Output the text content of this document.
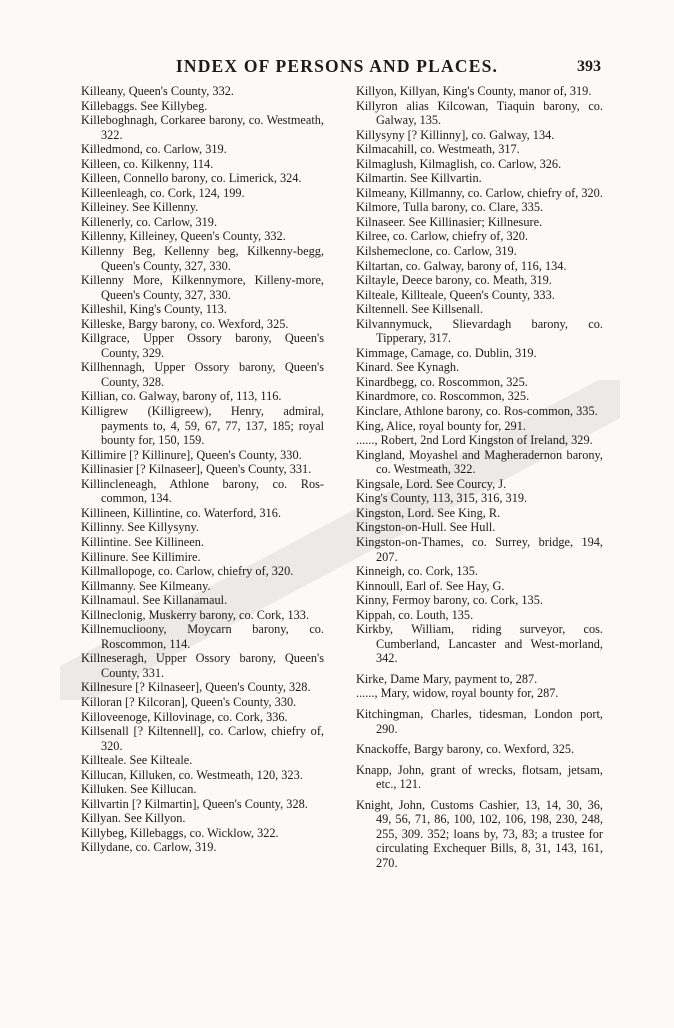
INDEX OF PERSONS AND PLACES.	393
Killeany, Queen's County, 332.
Killebaggs. See Killybeg.
Killeboghnagh, Corkaree barony, co. Westmeath, 322.
Killedmond, co. Carlow, 319.
Killeen, co. Kilkenny, 114.
Killeen, Connello barony, co. Limerick, 324.
Killeenleagh, co. Cork, 124, 199.
Killeiney. See Killenny.
Killenerly, co. Carlow, 319.
Killenny, Killeiney, Queen's County, 332.
Killenny Beg, Kellenny beg, Kilkenny-begg, Queen's County, 327, 330.
Killenny More, Kilkennymore, Killeny-more, Queen's County, 327, 330.
Killeshil, King's County, 113.
Killeske, Bargy barony, co. Wexford, 325.
Killgrace, Upper Ossory barony, Queen's County, 329.
Killhennagh, Upper Ossory barony, Queen's County, 328.
Killian, co. Galway, barony of, 113, 116.
Killigrew (Killigreew), Henry, admiral, payments to, 4, 59, 67, 77, 137, 185; royal bounty for, 150, 159.
Killimire [? Killinure], Queen's County, 330.
Killinasier [? Kilnaseer], Queen's County, 331.
Killincleneagh, Athlone barony, co. Ros-common, 134.
Killineen, Killintine, co. Waterford, 316.
Killinny. See Killysyny.
Killintine. See Killineen.
Killinure. See Killimire.
Killmallopoge, co. Carlow, chiefry of, 320.
Killmanny. See Kilmeany.
Killnamaul. See Killanamaul.
Killneclonig, Muskerry barony, co. Cork, 133.
Killnemuclioony, Moycarn barony, co. Roscommon, 114.
Killneseragh, Upper Ossory barony, Queen's County, 331.
Killnesure [? Kilnaseer], Queen's County, 328.
Killoran [? Kilcoran], Queen's County, 330.
Killoveenoge, Killovinage, co. Cork, 336.
Killsenall [? Kiltennell], co. Carlow, chiefry of, 320.
Killteale. See Kilteale.
Killucan, Killuken, co. Westmeath, 120, 323.
Killuken. See Killucan.
Killvartin [? Kilmartin], Queen's County, 328.
Killyan. See Killyon.
Killybeg, Killebaggs, co. Wicklow, 322.
Killydane, co. Carlow, 319.
Killyon, Killyan, King's County, manor of, 319.
Killyron alias Kilcowan, Tiaquin barony, co. Galway, 135.
Killysyny [? Killinny], co. Galway, 134.
Kilmacahill, co. Westmeath, 317.
Kilmaglush, Kilmaglish, co. Carlow, 326.
Kilmartin. See Killvartin.
Kilmeany, Killmanny, co. Carlow, chiefry of, 320.
Kilmore, Tulla barony, co. Clare, 335.
Kilnaseer. See Killinasier; Killnesure.
Kilree, co. Carlow, chiefry of, 320.
Kilshemeclone, co. Carlow, 319.
Kiltartan, co. Galway, barony of, 116, 134.
Kiltayle, Deece barony, co. Meath, 319.
Kilteale, Killteale, Queen's County, 333.
Kiltennell. See Killsenall.
Kilvannymuck, Slievardagh barony, co. Tipperary, 317.
Kimmage, Camage, co. Dublin, 319.
Kinard. See Kynagh.
Kinardbegg, co. Roscommon, 325.
Kinardmore, co. Roscommon, 325.
Kinclare, Athlone barony, co. Ros-common, 335.
King, Alice, royal bounty for, 291.
......, Robert, 2nd Lord Kingston of Ireland, 329.
Kingland, Moyashel and Magheradernon barony, co. Westmeath, 322.
Kingsale, Lord. See Courcy, J.
King's County, 113, 315, 316, 319.
Kingston, Lord. See King, R.
Kingston-on-Hull. See Hull.
Kingston-on-Thames, co. Surrey, bridge, 194, 207.
Kinneigh, co. Cork, 135.
Kinnoull, Earl of. See Hay, G.
Kinny, Fermoy barony, co. Cork, 135.
Kippah, co. Louth, 135.
Kirkby, William, riding surveyor, cos. Cumberland, Lancaster and West-morland, 342.
Kirke, Dame Mary, payment to, 287.
......, Mary, widow, royal bounty for, 287.
Kitchingman, Charles, tidesman, London port, 290.
Knackoffe, Bargy barony, co. Wexford, 325.
Knapp, John, grant of wrecks, flotsam, jetsam, etc., 121.
Knight, John, Customs Cashier, 13, 14, 30, 36, 49, 56, 71, 86, 100, 102, 106, 198, 230, 248, 255, 309. 352; loans by, 73, 83; a trustee for circulating Exchequer Bills, 8, 31, 143, 161, 270.
